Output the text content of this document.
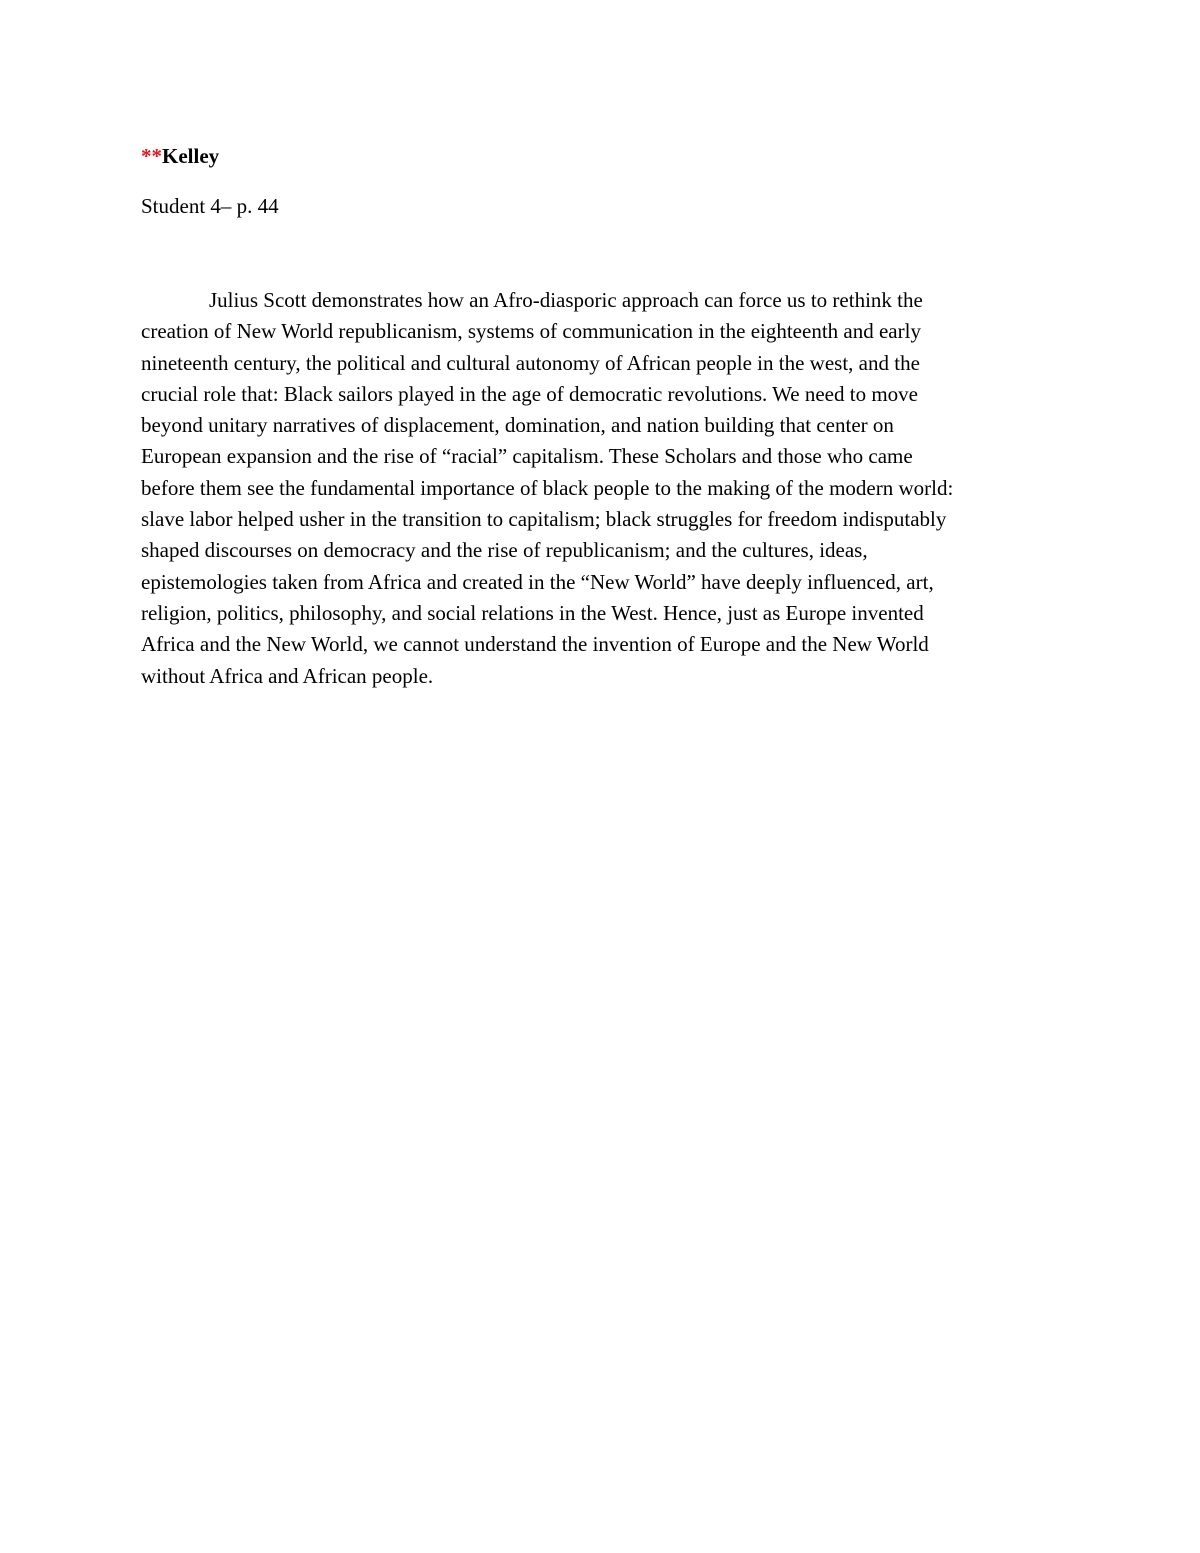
**Kelley

Student 4– p. 44

Julius Scott demonstrates how an Afro-diasporic approach can force us to rethink the
creation of New World republicanism, systems of communication in the eighteenth and early
nineteenth century, the political and cultural autonomy of African people in the west, and the
crucial role that: Black sailors played in the age of democratic revolutions. We need to move
beyond unitary narratives of displacement, domination, and nation building that center on
European expansion and the rise of “racial” capitalism. These Scholars and those who came
before them see the fundamental importance of black people to the making of the modern world:
slave labor helped usher in the transition to capitalism; black struggles for freedom indisputably
shaped discourses on democracy and the rise of republicanism; and the cultures, ideas,
epistemologies taken from Africa and created in the “New World” have deeply influenced, art,
religion, politics, philosophy, and social relations in the West. Hence, just as Europe invented
Africa and the New World, we cannot understand the invention of Europe and the New World
without Africa and African people.
